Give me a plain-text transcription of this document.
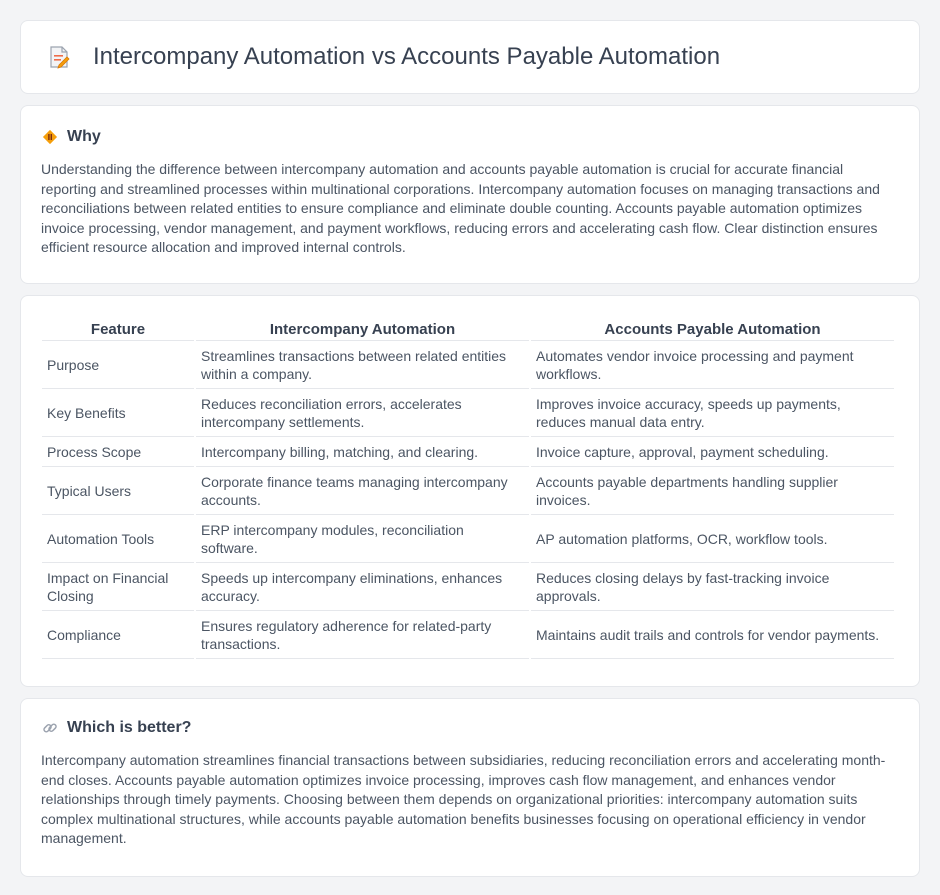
Intercompany Automation vs Accounts Payable Automation
Why

Understanding the difference between intercompany automation and accounts payable automation is crucial for accurate financial reporting and streamlined processes within multinational corporations. Intercompany automation focuses on managing transactions and reconciliations between related entities to ensure compliance and eliminate double counting. Accounts payable automation optimizes invoice processing, vendor management, and payment workflows, reducing errors and accelerating cash flow. Clear distinction ensures efficient resource allocation and improved internal controls.

Feature	Intercompany Automation	Accounts Payable Automation
Purpose	Streamlines transactions between related entities within a company.	Automates vendor invoice processing and payment workflows.
Key Benefits	Reduces reconciliation errors, accelerates intercompany settlements.	Improves invoice accuracy, speeds up payments, reduces manual data entry.
Process Scope	Intercompany billing, matching, and clearing.	Invoice capture, approval, payment scheduling.
Typical Users	Corporate finance teams managing intercompany accounts.	Accounts payable departments handling supplier invoices.
Automation Tools	ERP intercompany modules, reconciliation software.	AP automation platforms, OCR, workflow tools.
Impact on Financial Closing	Speeds up intercompany eliminations, enhances accuracy.	Reduces closing delays by fast-tracking invoice approvals.
Compliance	Ensures regulatory adherence for related-party transactions.	Maintains audit trails and controls for vendor payments.
Which is better?

Intercompany automation streamlines financial transactions between subsidiaries, reducing reconciliation errors and accelerating month-end closes. Accounts payable automation optimizes invoice processing, improves cash flow management, and enhances vendor relationships through timely payments. Choosing between them depends on organizational priorities: intercompany automation suits complex multinational structures, while accounts payable automation benefits businesses focusing on operational efficiency in vendor management.
